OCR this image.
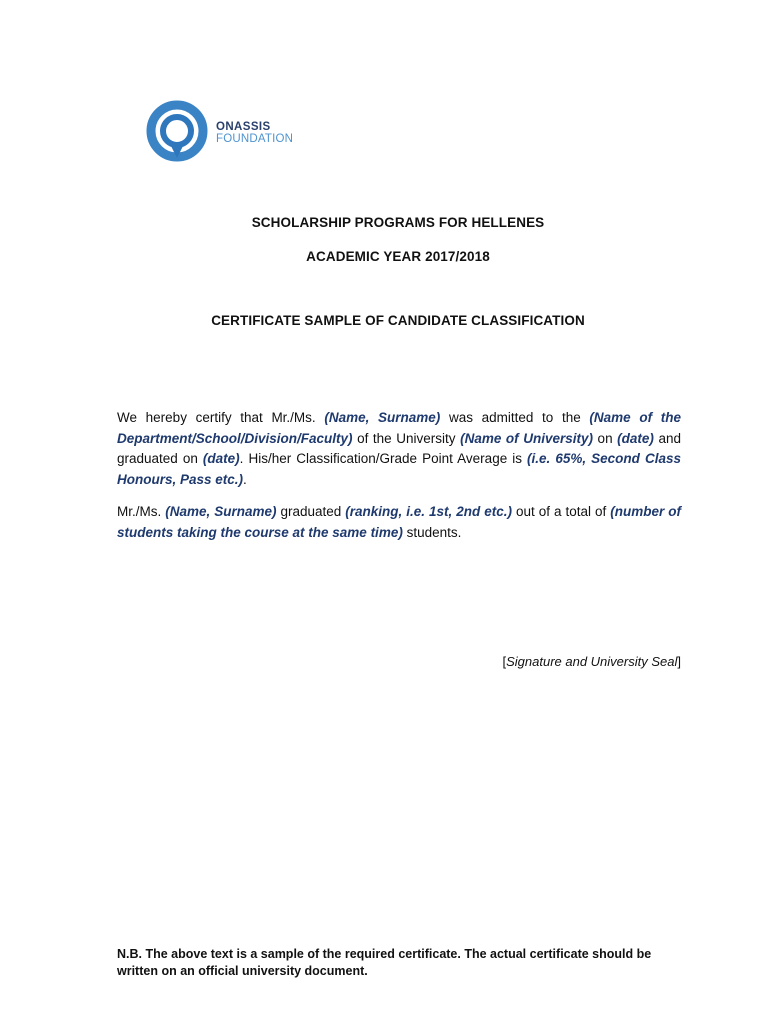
ONASSIS
FOUNDATION
SCHOLARSHIP PROGRAMS FOR HELLENES
ACADEMIC YEAR 2017/2018
CERTIFICATE SAMPLE OF CANDIDATE CLASSIFICATION

We hereby certify that Mr./Ms. (Name, Surname) was admitted to the (Name of the Department/School/Division/Faculty) of the University (Name of University) on (date) and graduated on (date). His/her Classification/Grade Point Average is (i.e. 65%, Second Class Honours, Pass etc.).

Mr./Ms. (Name, Surname) graduated (ranking, i.e. 1st, 2nd etc.) out of a total of (number of students taking the course at the same time) students.

[Signature and University Seal]
N.B. The above text is a sample of the required certificate. The actual certificate should be written on an official university document.
